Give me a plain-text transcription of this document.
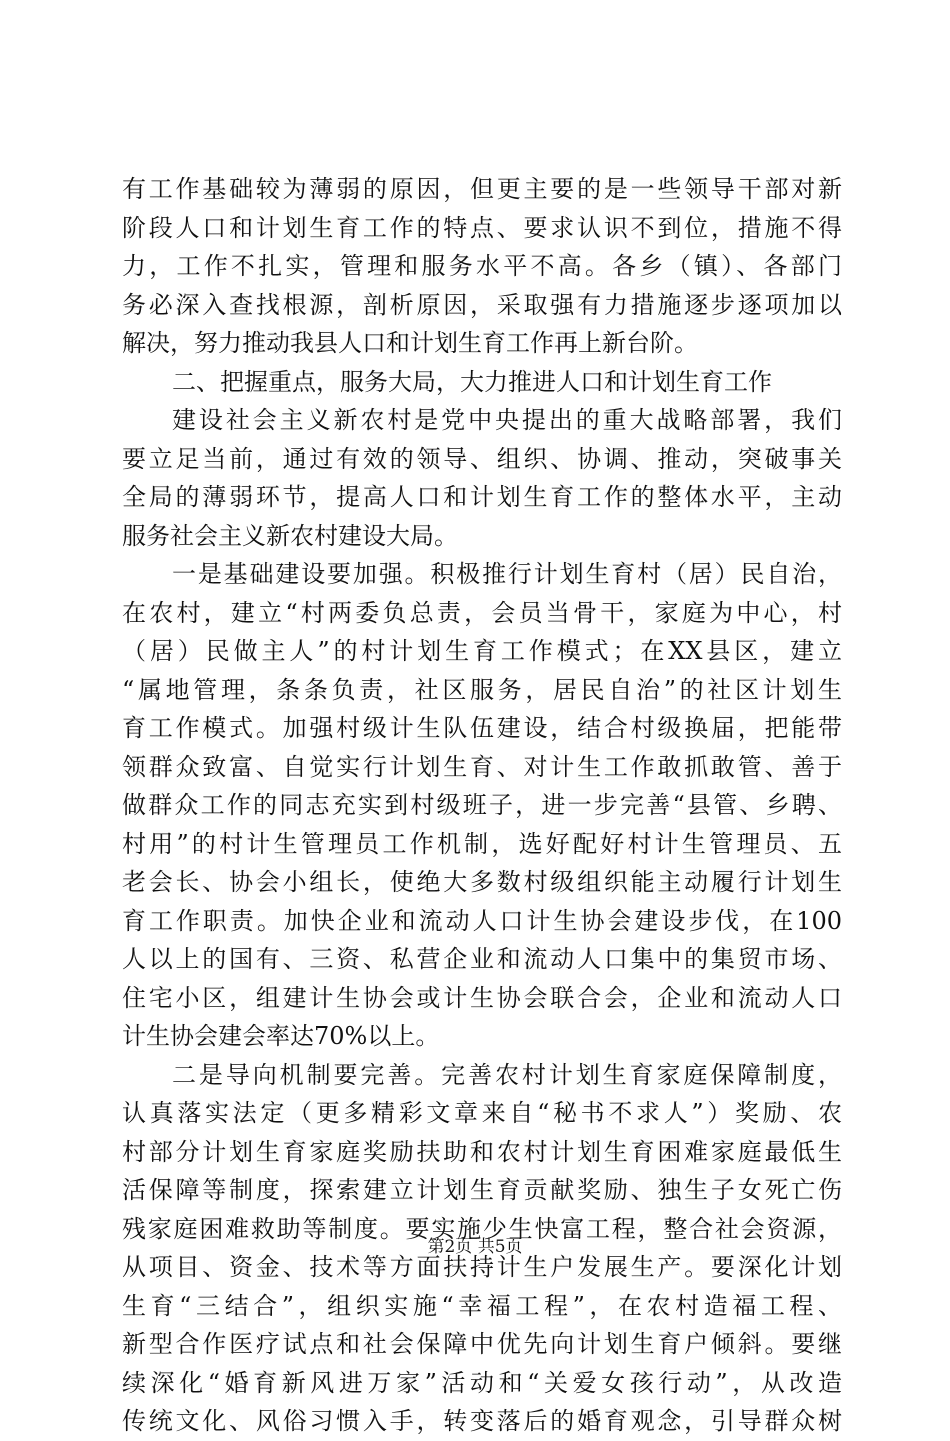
有工作基础较为薄弱的原因，但更主要的是一些领导干部对新
阶段人口和计划生育工作的特点、要求认识不到位，措施不得
力，工作不扎实，管理和服务水平不高。各乡（镇）、各部门
务必深入查找根源，剖析原因，采取强有力措施逐步逐项加以
解决，努力推动我县人口和计划生育工作再上新台阶。
二、把握重点，服务大局，大力推进人口和计划生育工作
建设社会主义新农村是党中央提出的重大战略部署，我们
要立足当前，通过有效的领导、组织、协调、推动，突破事关
全局的薄弱环节，提高人口和计划生育工作的整体水平，主动
服务社会主义新农村建设大局。
一是基础建设要加强。积极推行计划生育村（居）民自治，
在农村，建立“村两委负总责，会员当骨干，家庭为中心，村
（居）民做主人”的村计划生育工作模式；在XX县区，建立
“属地管理，条条负责，社区服务，居民自治”的社区计划生
育工作模式。加强村级计生队伍建设，结合村级换届，把能带
领群众致富、自觉实行计划生育、对计生工作敢抓敢管、善于
做群众工作的同志充实到村级班子，进一步完善“县管、乡聘、
村用”的村计生管理员工作机制，选好配好村计生管理员、五
老会长、协会小组长，使绝大多数村级组织能主动履行计划生
育工作职责。加快企业和流动人口计生协会建设步伐，在100
人以上的国有、三资、私营企业和流动人口集中的集贸市场、
住宅小区，组建计生协会或计生协会联合会，企业和流动人口
计生协会建会率达70%以上。
二是导向机制要完善。完善农村计划生育家庭保障制度，
认真落实法定（更多精彩文章来自“秘书不求人”）奖励、农
村部分计划生育家庭奖励扶助和农村计划生育困难家庭最低生
活保障等制度，探索建立计划生育贡献奖励、独生子女死亡伤
残家庭困难救助等制度。要实施少生快富工程，整合社会资源，
从项目、资金、技术等方面扶持计生户发展生产。要深化计划
生育“三结合”，组织实施“幸福工程”，在农村造福工程、
新型合作医疗试点和社会保障中优先向计划生育户倾斜。要继
续深化“婚育新风进万家”活动和“关爱女孩行动”，从改造
传统文化、风俗习惯入手，转变落后的婚育观念，引导群众树
第2页 共5页
